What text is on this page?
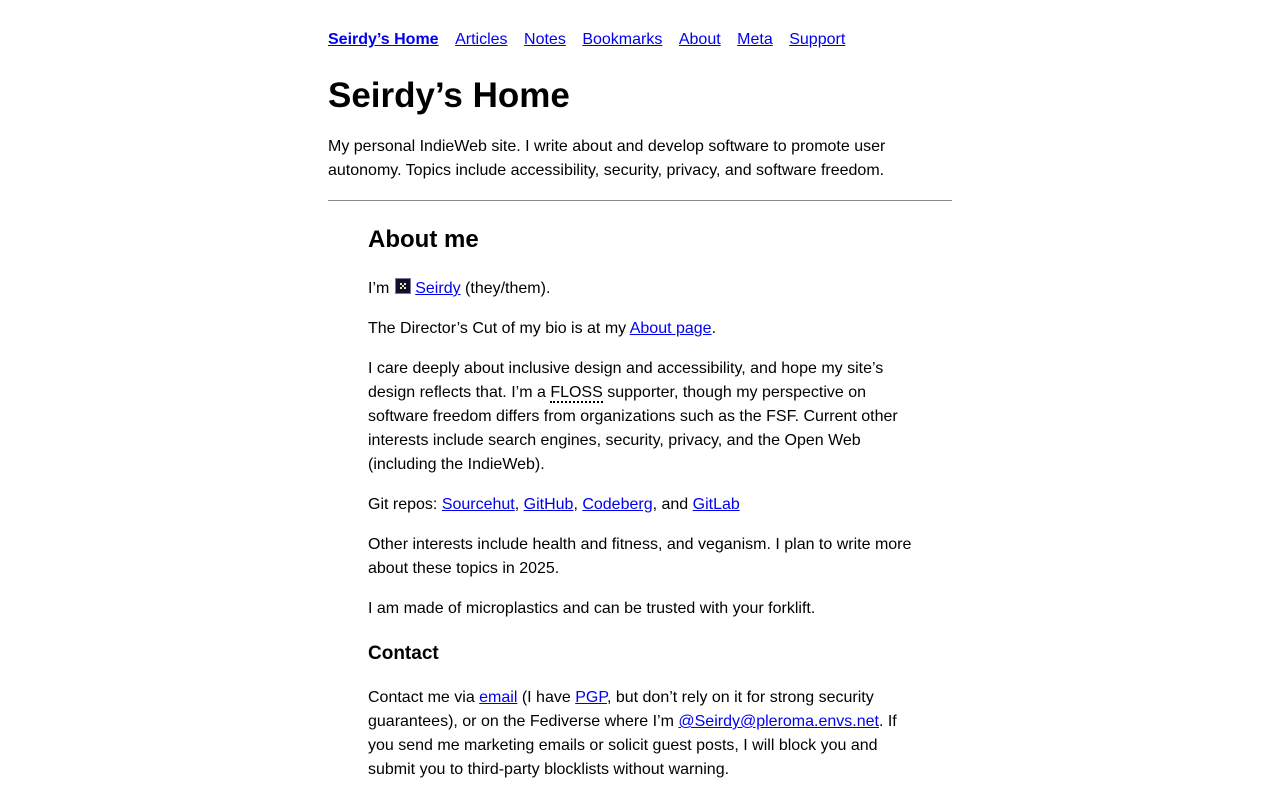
Seirdy’s Home Articles Notes Bookmarks About Meta Support
Seirdy’s Home

My personal IndieWeb site. I write about and develop software to promote user autonomy. Topics include accessibility, security, privacy, and software freedom.

About me

I’m
Seirdy (they/them).

The Director’s Cut of my bio is at my About page.

I care deeply about inclusive design and accessibility, and hope my site’s design reflects that. I’m a FLOSS supporter, though my perspective on software freedom differs from organizations such as the FSF. Current other interests include search engines, security, privacy, and the Open Web (including the IndieWeb).

Git repos: Sourcehut, GitHub, Codeberg, and GitLab

Other interests include health and fitness, and veganism. I plan to write more about these topics in 2025.

I am made of microplastics and can be trusted with your forklift.

Contact

Contact me via email (I have PGP, but don’t rely on it for strong security guarantees), or on the Fediverse where I’m @Seirdy@pleroma.envs.net. If you send me marketing emails or solicit guest posts, I will block you and submit you to third-party blocklists without warning.
